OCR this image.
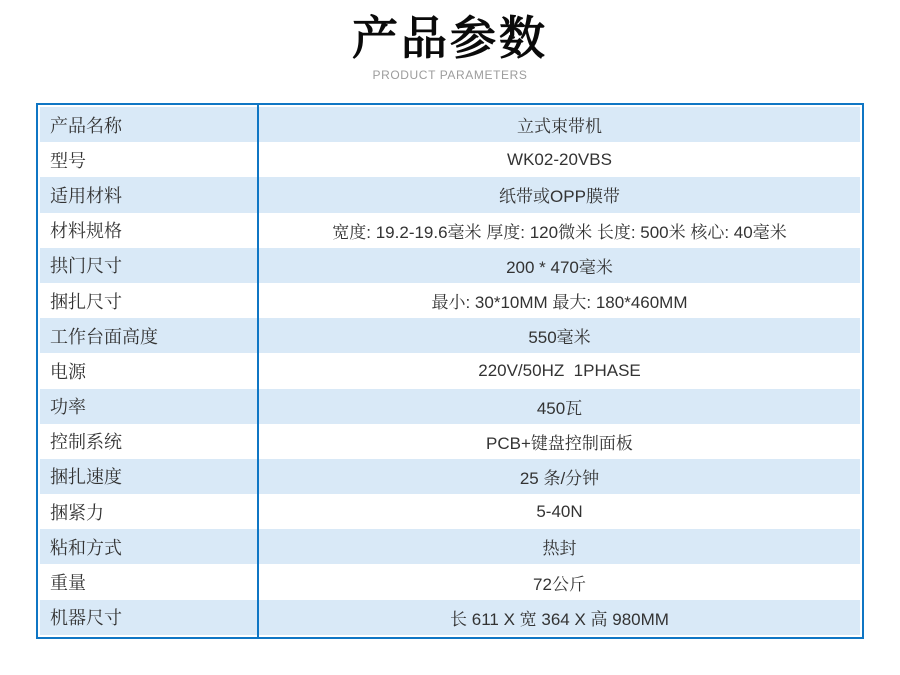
产品参数
PRODUCT PARAMETERS
产品名称	立式束带机
型号	WK02-20VBS
适用材料	纸带或OPP膜带
材料规格	宽度: 19.2-19.6毫米 厚度: 120微米 长度: 500米 核心: 40毫米
拱门尺寸	200 * 470毫米
捆扎尺寸	最小: 30*10MM 最大: 180*460MM
工作台面高度	550毫米
电源	220V/50HZ  1PHASE
功率	450瓦
控制系统	PCB+键盘控制面板
捆扎速度	25 条/分钟
捆紧力	5-40N
粘和方式	热封
重量	72公斤
机器尺寸	长 611 X 宽 364 X 高 980MM
